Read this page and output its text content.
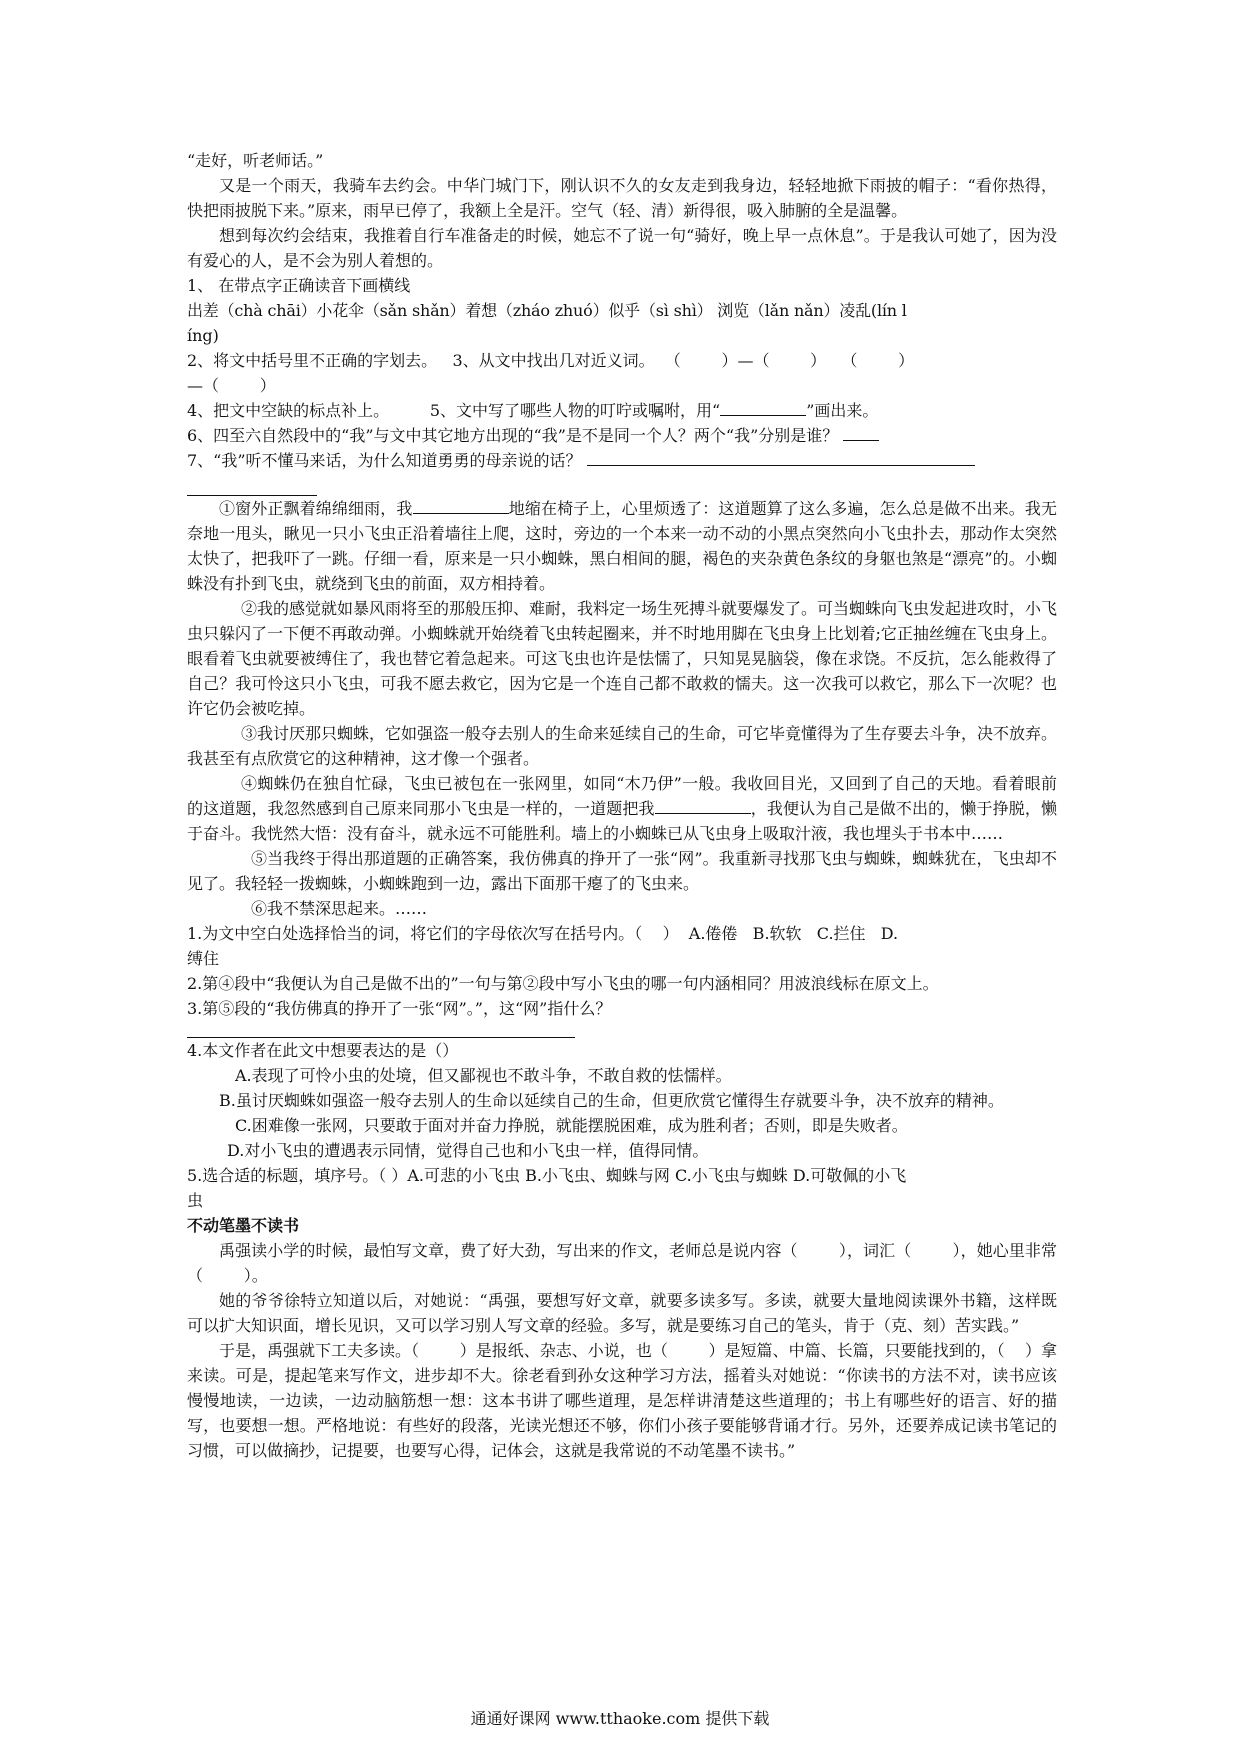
“走好，听老师话。”

又是一个雨天，我骑车去约会。中华门城门下，刚认识不久的女友走到我身边，轻轻地掀下雨披的帽子：“看你热得，快把雨披脱下来。”原来，雨早已停了，我额上全是汗。空气（轻、清）新得很，吸入肺腑的全是温馨。

想到每次约会结束，我推着自行车准备走的时候，她忘不了说一句“骑好，晚上早一点休息”。于是我认可她了，因为没有爱心的人，是不会为别人着想的。

1、 在带点字正确读音下画横线

出差（chà chāi）小花伞（sǎn shǎn）着想（zháo zhuó）似乎（sì shì） 浏览（lǎn nǎn）凌乱(lín l

íng)

2、将文中括号里不正确的字划去。   3、从文中找出几对近义词。  （        ）—（        ）   （        ）

—（        ）

4、把文中空缺的标点补上。        5、文中写了哪些人物的叮咛或嘱咐，用“	”画出来。

6、四至六自然段中的“我”与文中其它地方出现的“我”是不是同一个人？两个“我”分别是谁？

7、“我”听不懂马来话，为什么知道勇勇的母亲说的话？

①窗外正飘着绵绵细雨，我	地缩在椅子上，心里烦透了：这道题算了这么多遍，怎么总是做不出来。我无奈地一甩头，瞅见一只小飞虫正沿着墙往上爬，这时，旁边的一个本来一动不动的小黑点突然向小飞虫扑去，那动作太突然太快了，把我吓了一跳。仔细一看，原来是一只小蜘蛛，黑白相间的腿，褐色的夹杂黄色条纹的身躯也煞是“漂亮”的。小蜘蛛没有扑到飞虫，就绕到飞虫的前面，双方相持着。

②我的感觉就如暴风雨将至的那般压抑、难耐，我料定一场生死搏斗就要爆发了。可当蜘蛛向飞虫发起进攻时，小飞虫只躲闪了一下便不再敢动弹。小蜘蛛就开始绕着飞虫转起圈来，并不时地用脚在飞虫身上比划着;它正抽丝缠在飞虫身上。眼看着飞虫就要被缚住了，我也替它着急起来。可这飞虫也许是怯懦了，只知晃晃脑袋，像在求饶。不反抗，怎么能救得了自己？我可怜这只小飞虫，可我不愿去救它，因为它是一个连自己都不敢救的懦夫。这一次我可以救它，那么下一次呢？也许它仍会被吃掉。

③我讨厌那只蜘蛛，它如强盗一般夺去别人的生命来延续自己的生命，可它毕竟懂得为了生存要去斗争，决不放弃。我甚至有点欣赏它的这种精神，这才像一个强者。

④蜘蛛仍在独自忙碌，飞虫已被包在一张网里，如同“木乃伊”一般。我收回目光，又回到了自己的天地。看着眼前的这道题，我忽然感到自己原来同那小飞虫是一样的，一道题把我	，我便认为自己是做不出的，懒于挣脱，懒于奋斗。我恍然大悟：没有奋斗，就永远不可能胜利。墙上的小蜘蛛已从飞虫身上吸取汁液，我也埋头于书本中……

⑤当我终于得出那道题的正确答案，我仿佛真的挣开了一张“网”。我重新寻找那飞虫与蜘蛛，蜘蛛犹在，飞虫却不见了。我轻轻一拨蜘蛛，小蜘蛛跑到一边，露出下面那干瘪了的飞虫来。

⑥我不禁深思起来。……

1.为文中空白处选择恰当的词，将它们的字母依次写在括号内。（    ）  A.倦倦   B.软软   C.拦住   D.

缚住

2.第④段中“我便认为自己是做不出的”一句与第②段中写小飞虫的哪一句内涵相同？用波浪线标在原文上。

3.第⑤段的“我仿佛真的挣开了一张“网”。”，这“网”指什么？

4.本文作者在此文中想要表达的是（）

A.表现了可怜小虫的处境，但又鄙视也不敢斗争，不敢自救的怯懦样。

B.虽讨厌蜘蛛如强盗一般夺去别人的生命以延续自己的生命，但更欣赏它懂得生存就要斗争，决不放弃的精神。

C.困难像一张网，只要敢于面对并奋力挣脱，就能摆脱困难，成为胜利者；否则，即是失败者。

D.对小飞虫的遭遇表示同情，觉得自己也和小飞虫一样，值得同情。

5.选合适的标题，填序号。（ ）A.可悲的小飞虫 B.小飞虫、蜘蛛与网 C.小飞虫与蜘蛛 D.可敬佩的小飞

虫

不动笔墨不读书

禹强读小学的时候，最怕写文章，费了好大劲，写出来的作文，老师总是说内容（        ），词汇（        ），她心里非常（        ）。

她的爷爷徐特立知道以后，对她说：“禹强，要想写好文章，就要多读多写。多读，就要大量地阅读课外书籍，这样既可以扩大知识面，增长见识，又可以学习别人写文章的经验。多写，就是要练习自己的笔头，肯于（克、刻）苦实践。”

于是，禹强就下工夫多读。（        ）是报纸、杂志、小说，也（        ）是短篇、中篇、长篇，只要能找到的，（    ）拿来读。可是，提起笔来写作文，进步却不大。徐老看到孙女这种学习方法，摇着头对她说：“你读书的方法不对，读书应该慢慢地读，一边读，一边动脑筋想一想：这本书讲了哪些道理，是怎样讲清楚这些道理的；书上有哪些好的语言、好的描写，也要想一想。严格地说：有些好的段落，光读光想还不够，你们小孩子要能够背诵才行。另外，还要养成记读书笔记的习惯，可以做摘抄，记提要，也要写心得，记体会，这就是我常说的不动笔墨不读书。”

通通好课网 www.tthaoke.com 提供下载
